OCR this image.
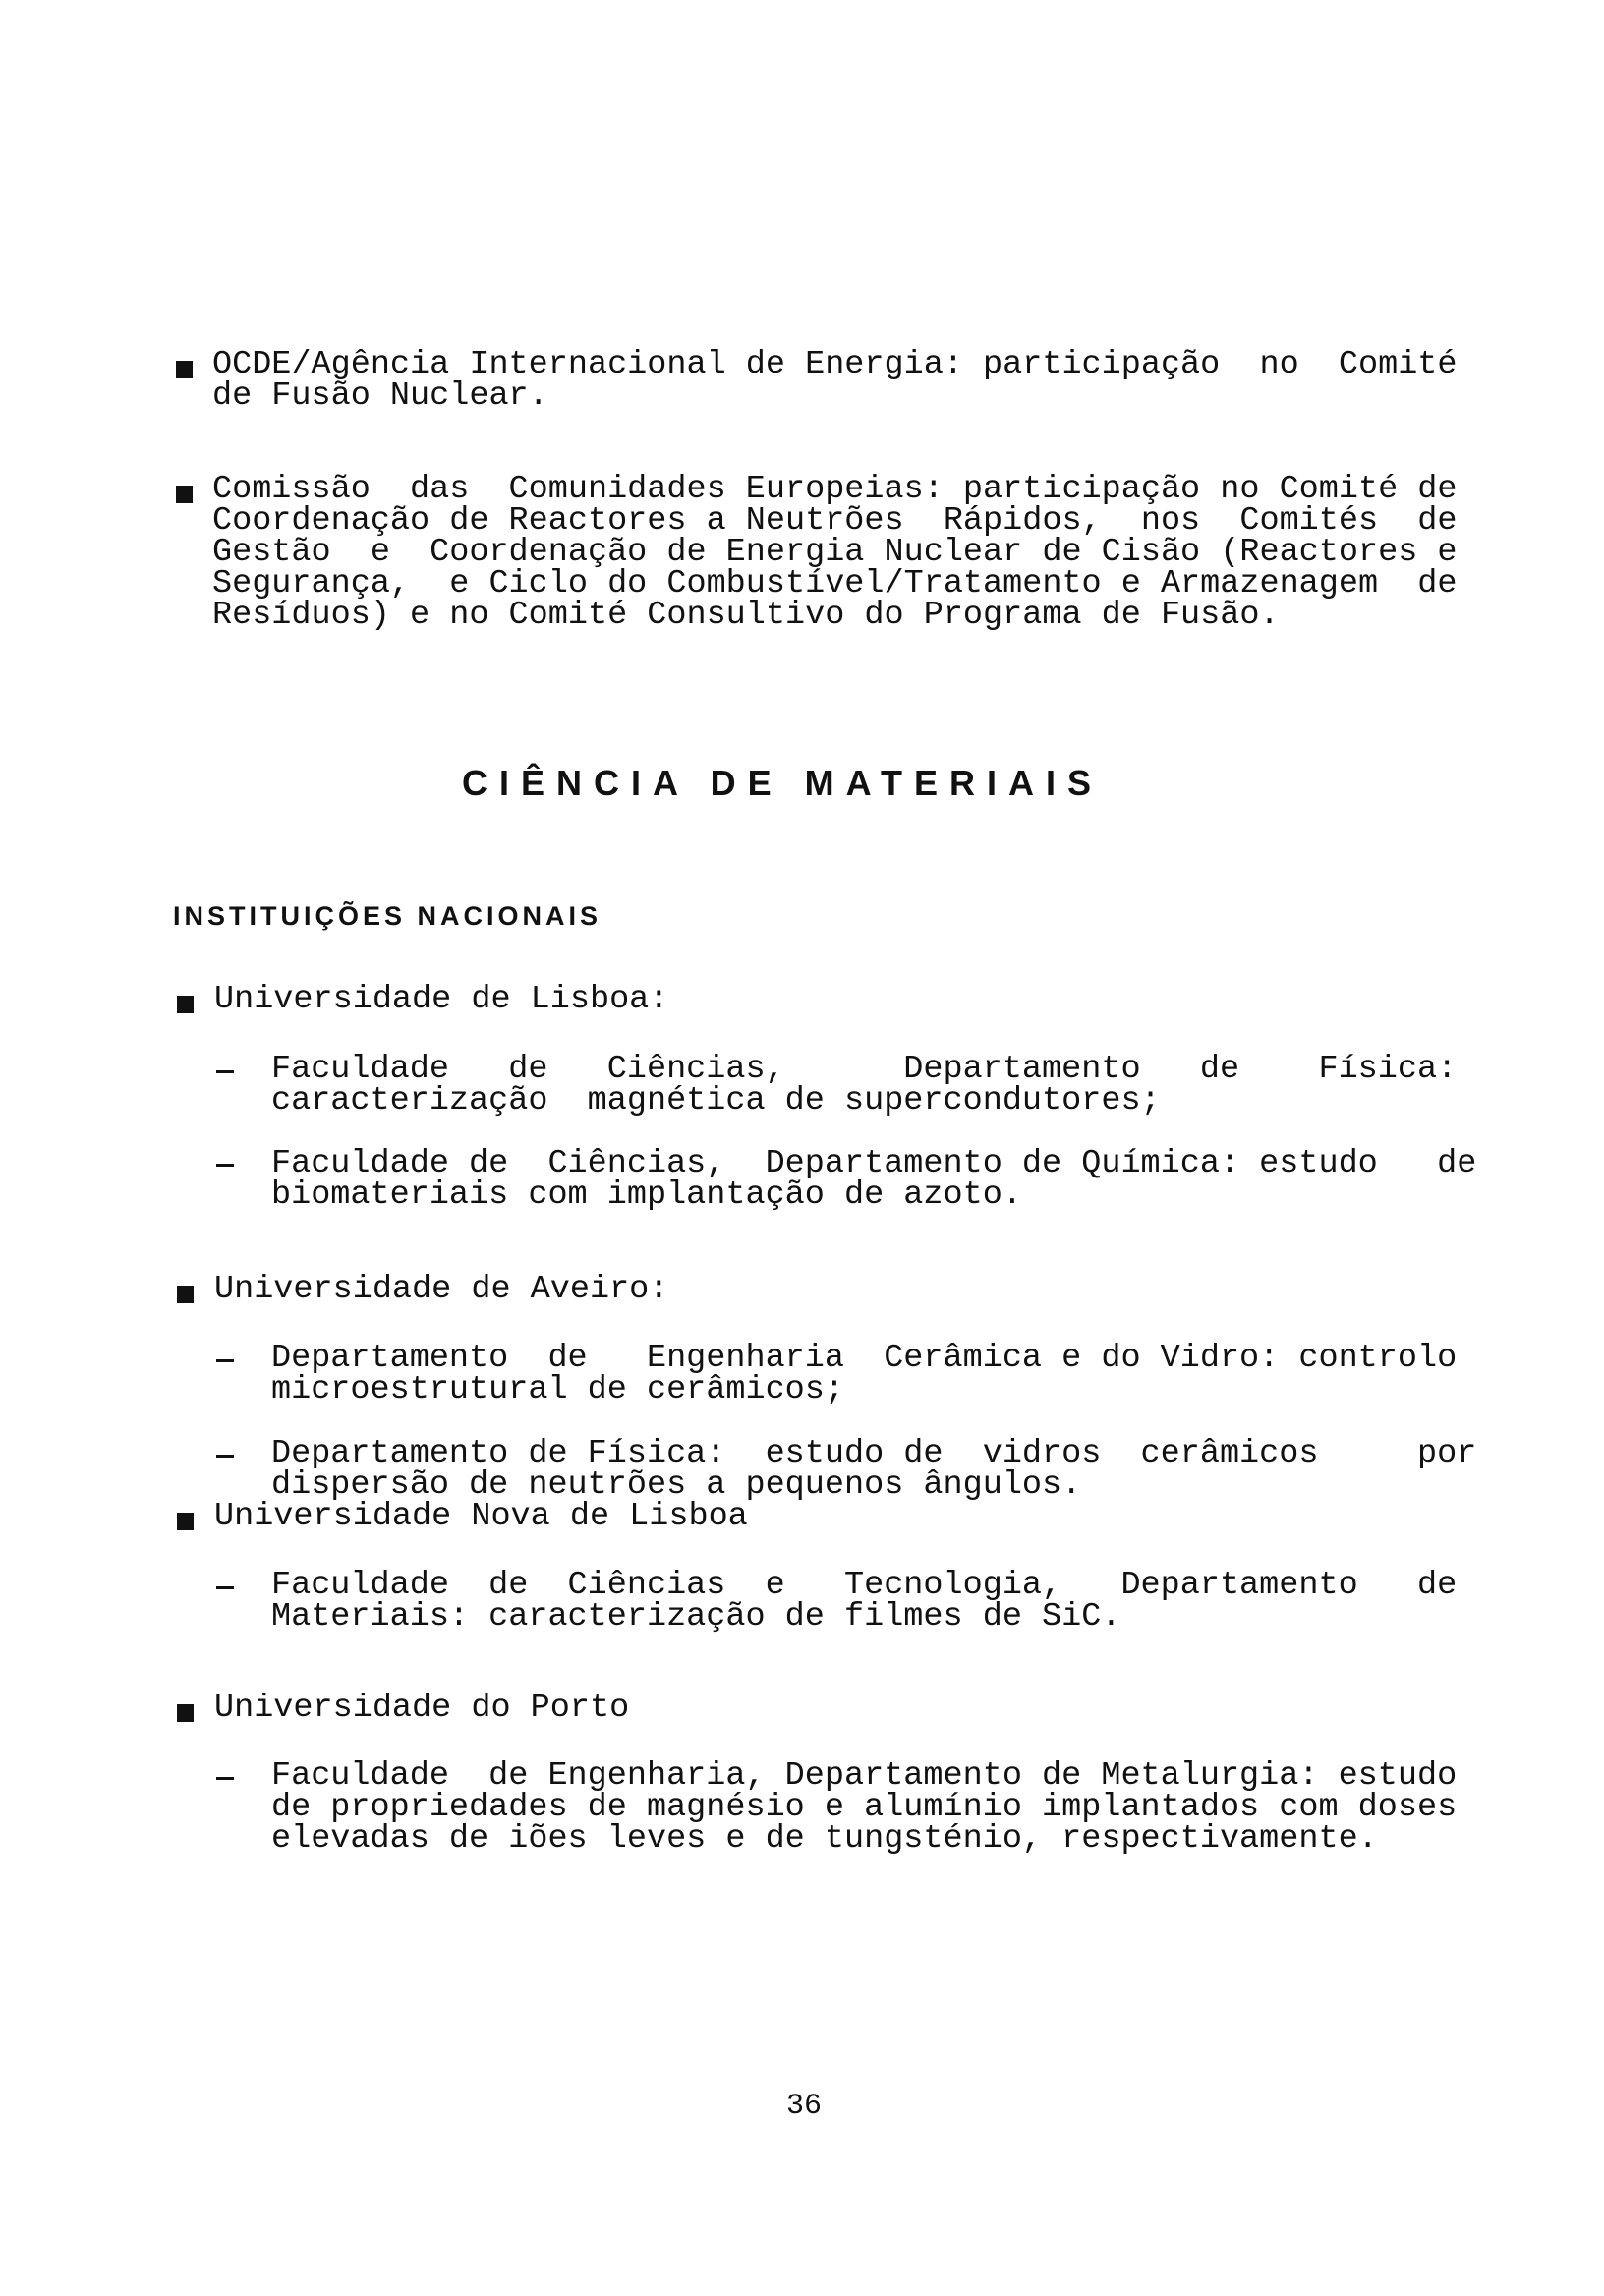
OCDE/Agência Internacional de Energia: participação  no  Comité
de Fusão Nuclear.
Comissão  das  Comunidades Europeias: participação no Comité de
Coordenação de Reactores a Neutrões  Rápidos,  nos  Comités  de
Gestão  e  Coordenação de Energia Nuclear de Cisão (Reactores e
Segurança,  e Ciclo do Combustível/Tratamento e Armazenagem  de
Resíduos) e no Comité Consultivo do Programa de Fusão.
CIÊNCIA DE MATERIAIS
INSTITUIÇÕES NACIONAIS
Universidade de Lisboa:
Faculdade   de   Ciências,      Departamento   de    Física:
caracterização  magnética de supercondutores;
Faculdade de  Ciências,  Departamento de Química: estudo   de
biomateriais com implantação de azoto.
Universidade de Aveiro:
Departamento  de   Engenharia  Cerâmica e do Vidro: controlo
microestrutural de cerâmicos;
Departamento de Física:  estudo de  vidros  cerâmicos     por
dispersão de neutrões a pequenos ângulos.
Universidade Nova de Lisboa
Faculdade  de  Ciências  e   Tecnologia,   Departamento   de
Materiais: caracterização de filmes de SiC.
Universidade do Porto
Faculdade  de Engenharia, Departamento de Metalurgia: estudo
de propriedades de magnésio e alumínio implantados com doses
elevadas de iões leves e de tungsténio, respectivamente.
36
